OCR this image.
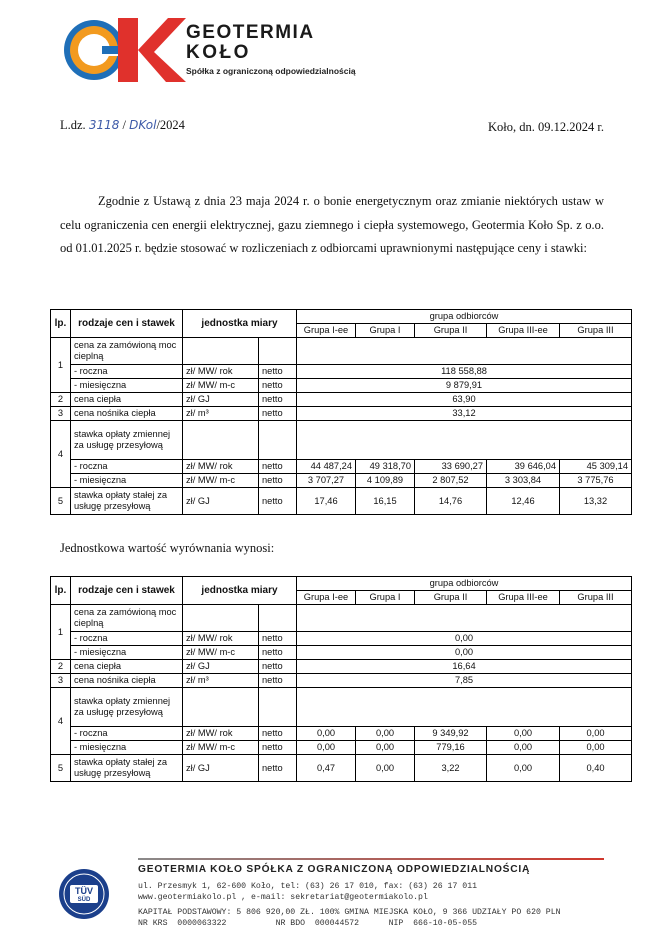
GK
GEOTERMIA
KOŁO
Spółka z ograniczoną odpowiedzialnością
L.dz. 3118 / DKol/2024	Koło, dn. 09.12.2024 r.
Zgodnie z Ustawą z dnia 23 maja 2024 r. o bonie energetycznym oraz zmianie niektórych ustaw w celu ograniczenia cen energii elektrycznej, gazu ziemnego i ciepła systemowego, Geotermia Koło Sp. z o.o. od 01.01.2025 r. będzie stosować w rozliczeniach z odbiorcami uprawnionymi następujące ceny i stawki:
lp.	rodzaje cen i stawek	jednostka miary		grupa odbiorców				
				Grupa I-ee	Grupa I	Grupa II	Grupa III-ee	Grupa III
1	cena za zamówioną moc cieplną							
	- roczna	zł/ MW/ rok	netto	118 558,88				
	- miesięczna	zł/ MW/ m-c	netto	9 879,91				
2	cena ciepła	zł/ GJ	netto	63,90				
3	cena nośnika ciepła	zł/ m³	netto	33,12				
4	stawka opłaty zmiennej za usługę przesyłową							
	- roczna	zł/ MW/ rok	netto	44 487,24	49 318,70	33 690,27	39 646,04	45 309,14
	- miesięczna	zł/ MW/ m-c	netto	3 707,27	4 109,89	2 807,52	3 303,84	3 775,76
5	stawka opłaty stałej za usługę przesyłową	zł/ GJ	netto	17,46	16,15	14,76	12,46	13,32
Jednostkowa wartość wyrównania wynosi:
lp.	rodzaje cen i stawek	jednostka miary		grupa odbiorców				
				Grupa I-ee	Grupa I	Grupa II	Grupa III-ee	Grupa III
1	cena za zamówioną moc cieplną							
	- roczna	zł/ MW/ rok	netto	0,00				
	- miesięczna	zł/ MW/ m-c	netto	0,00				
2	cena ciepła	zł/ GJ	netto	16,64				
3	cena nośnika ciepła	zł/ m³	netto	7,85				
4	stawka opłaty zmiennej za usługę przesyłową							
	- roczna	zł/ MW/ rok	netto	0,00	0,00	9 349,92	0,00	0,00
	- miesięczna	zł/ MW/ m-c	netto	0,00	0,00	779,16	0,00	0,00
5	stawka opłaty stałej za usługę przesyłową	zł/ GJ	netto	0,47	0,00	3,22	0,00	0,40
TÜV
SÜD
GEOTERMIA KOŁO SPÓŁKA Z OGRANICZONĄ ODPOWIEDZIALNOŚCIĄ
ul. Przesmyk 1, 62-600 Koło, tel: (63) 26 17 010, fax: (63) 26 17 011
www.geotermiakolo.pl , e-mail: sekretariat@geotermiakolo.pl
KAPITAŁ PODSTAWOWY: 5 806 920,00 ZŁ. 100% GMINA MIEJSKA KOŁO, 9 366 UDZIAŁY PO 620 PLN
NR KRS  0000063322          NR BDO  000044572      NIP  666-10-05-055
